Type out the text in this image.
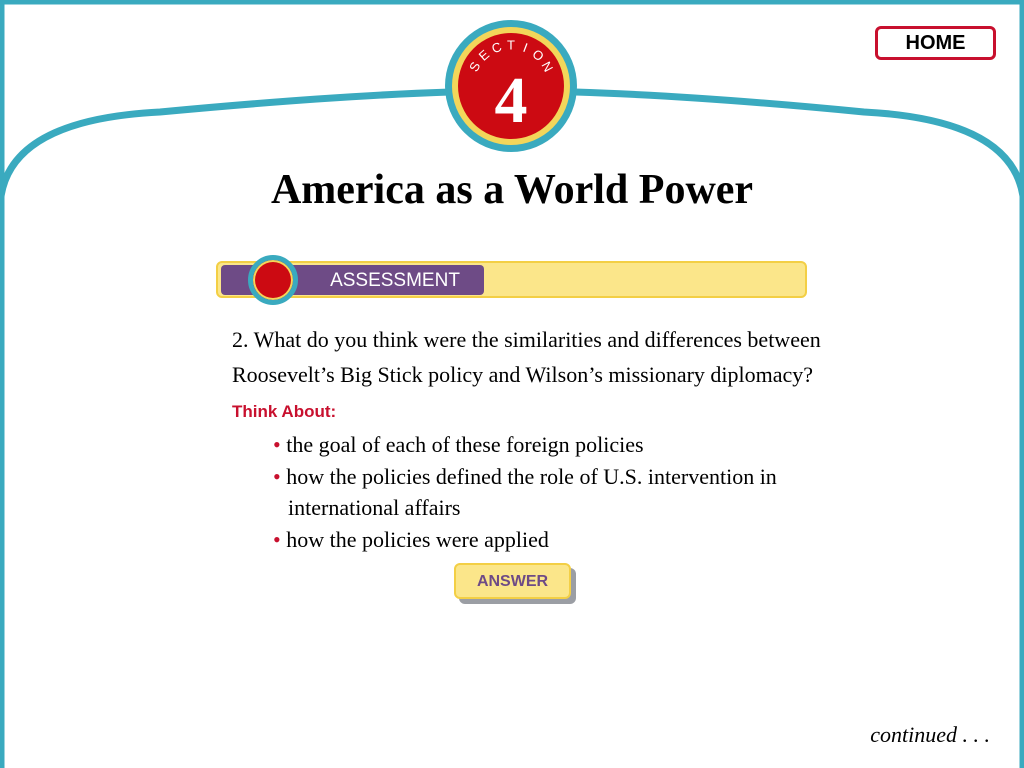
S
E
C T I O
N
4
HOME
America as a World Power
ASSESSMENT

2. What do you think were the similarities and differences between Roosevelt’s Big Stick policy and Wilson’s missionary diplomacy? Think About:

• the goal of each of these foreign policies
• how the policies defined the role of U.S. intervention in international affairs
• how the policies were applied
ANSWER
continued . . .
